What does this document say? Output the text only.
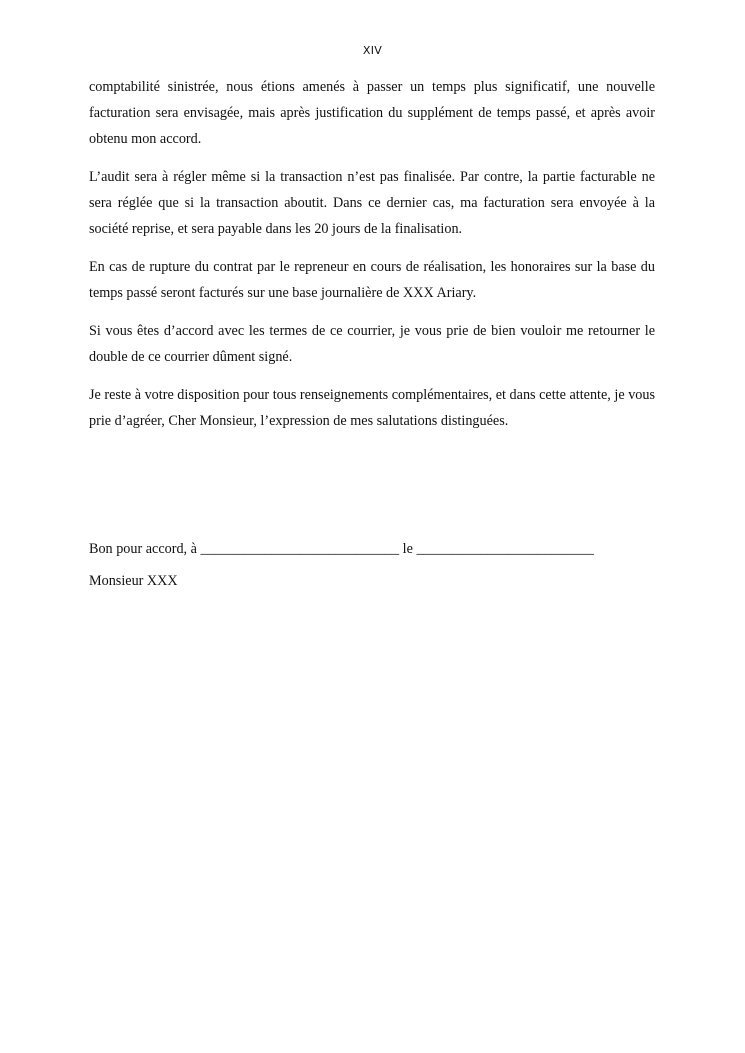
XIV

comptabilité sinistrée, nous étions amenés à passer un temps plus significatif, une nouvelle facturation sera envisagée, mais après justification du supplément de temps passé, et après avoir obtenu mon accord.

L’audit sera à régler même si la transaction n’est pas finalisée. Par contre, la partie facturable ne sera réglée que si la transaction aboutit. Dans ce dernier cas, ma facturation sera envoyée à la société reprise, et sera payable dans les 20 jours de la finalisation.

En cas de rupture du contrat par le repreneur en cours de réalisation, les honoraires sur la base du temps passé seront facturés sur une base journalière de XXX Ariary.

Si vous êtes d’accord avec les termes de ce courrier, je vous prie de bien vouloir me retourner le double de ce courrier dûment signé.

Je reste à votre disposition pour tous renseignements complémentaires, et dans cette attente, je vous prie d’agréer, Cher Monsieur, l’expression de mes salutations distinguées.

Bon pour accord, à ____________________________ le _________________________

Monsieur XXX
